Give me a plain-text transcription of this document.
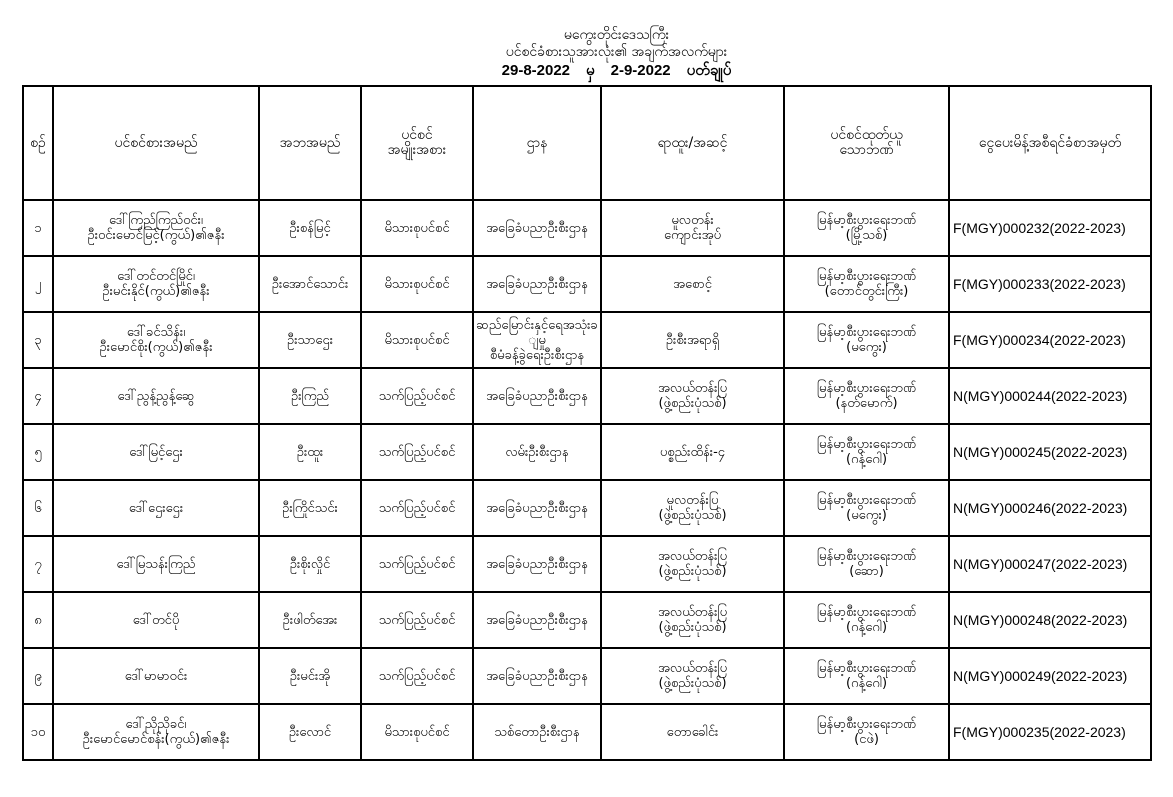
မကွေးတိုင်းဒေသကြီး
ပင်စင်ခံစားသူအားလုံး၏ အချက်အလက်များ
29-8-2022 မှ 2-9-2022 ပတ်ချုပ်
စဉ်	ပင်စင်စားအမည်	အဘအမည်	ပင်စင်
အမျိုးအစား	ဌာန	ရာထူး/အဆင့်	ပင်စင်ထုတ်ယူ
သောဘဏ်	ငွေပေးမိန့်အစီရင်ခံစာအမှတ်

၁	ဒေါ်ကြည်ကြည်ဝင်း၊
ဦးဝင်းမောင်မြင့်(ကွယ်)၏ဇနီး	ဦးစန်မြင့်	မိသားစုပင်စင်	အခြေခံပညာဦးစီးဌာန	မူလတန်း
ကျောင်းအုပ်	မြန်မာ့စီးပွားရေးဘဏ်
(မြို့သစ်)	F(MGY)000232(2022-2023)
၂	ဒေါ်တင်တင်မြိုင်၊
ဦးမင်းနိုင်(ကွယ်)၏ဇနီး	ဦးအောင်သောင်း	မိသားစုပင်စင်	အခြေခံပညာဦးစီးဌာန	အစောင့်	မြန်မာ့စီးပွားရေးဘဏ်
(တောင်တွင်းကြီး)	F(MGY)000233(2022-2023)
၃	ဒေါ်ခင်သိန်း၊
ဦးမောင်စိုး(ကွယ်)၏ဇနီး	ဦးသာဌေး	မိသားစုပင်စင်	ဆည်မြောင်းနှင့်ရေအသုံးခ
ျမှု
စီမံခန့်ခွဲရေးဦးစီးဌာန	ဦးစီးအရာရှိ	မြန်မာ့စီးပွားရေးဘဏ်
(မကွေး)	F(MGY)000234(2022-2023)
၄	ဒေါ်ညွန့်ညွန့်ဆွေ	ဦးကြည်	သက်ပြည့်ပင်စင်	အခြေခံပညာဦးစီးဌာန	အလယ်တန်းပြ
(ဖွဲ့စည်းပုံသစ်)	မြန်မာ့စီးပွားရေးဘဏ်
(နတ်မောက်)	N(MGY)000244(2022-2023)
၅	ဒေါ်မြင့်ဌေး	ဦးထူး	သက်ပြည့်ပင်စင်	လမ်းဦးစီးဌာန	ပစ္စည်းထိန်း-၄	မြန်မာ့စီးပွားရေးဘဏ်
(ဂန့်ဂေါ)	N(MGY)000245(2022-2023)
၆	ဒေါ်ဌေးဌေး	ဦးကြိုင်သင်း	သက်ပြည့်ပင်စင်	အခြေခံပညာဦးစီးဌာန	မူလတန်းပြ
(ဖွဲ့စည်းပုံသစ်)	မြန်မာ့စီးပွားရေးဘဏ်
(မကွေး)	N(MGY)000246(2022-2023)
၇	ဒေါ်မြသန်းကြည်	ဦးစိုးလှိုင်	သက်ပြည့်ပင်စင်	အခြေခံပညာဦးစီးဌာန	အလယ်တန်းပြ
(ဖွဲ့စည်းပုံသစ်)	မြန်မာ့စီးပွားရေးဘဏ်
(ဆော)	N(MGY)000247(2022-2023)
၈	ဒေါ်တင်ပို	ဦးဖါတ်အေး	သက်ပြည့်ပင်စင်	အခြေခံပညာဦးစီးဌာန	အလယ်တန်းပြ
(ဖွဲ့စည်းပုံသစ်)	မြန်မာ့စီးပွားရေးဘဏ်
(ဂန့်ဂေါ)	N(MGY)000248(2022-2023)
၉	ဒေါ်မာမာဝင်း	ဦးမင်းအို	သက်ပြည့်ပင်စင်	အခြေခံပညာဦးစီးဌာန	အလယ်တန်းပြ
(ဖွဲ့စည်းပုံသစ်)	မြန်မာ့စီးပွားရေးဘဏ်
(ဂန့်ဂေါ)	N(MGY)000249(2022-2023)
၁၀	ဒေါ်ညိုညိုခင်၊
ဦးမောင်မောင်စန်း(ကွယ်)၏ဇနီး	ဦးလောင်	မိသားစုပင်စင်	သစ်တောဦးစီးဌာန	တောခေါင်း	မြန်မာ့စီးပွားရေးဘဏ်
(ငဖဲ)	F(MGY)000235(2022-2023)
